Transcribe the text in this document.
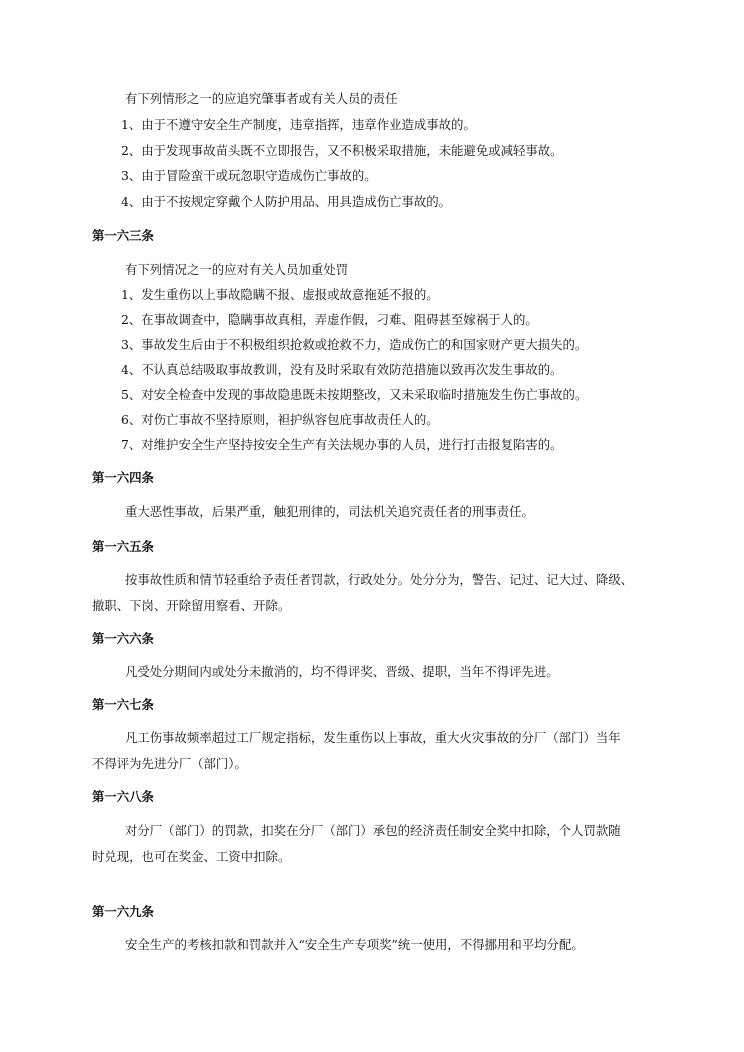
有下列情形之一的应追究肇事者或有关人员的责任
1、由于不遵守安全生产制度，违章指挥，违章作业造成事故的。
2、由于发现事故苗头既不立即报告，又不积极采取措施，未能避免或减轻事故。
3、由于冒险蛮干或玩忽职守造成伤亡事故的。
4、由于不按规定穿戴个人防护用品、用具造成伤亡事故的。
第一六三条
有下列情况之一的应对有关人员加重处罚
1、发生重伤以上事故隐瞒不报、虚报或故意拖延不报的。
2、在事故调查中，隐瞒事故真相，弄虚作假，刁难、阻碍甚至嫁祸于人的。
3、事故发生后由于不积极组织抢救或抢救不力，造成伤亡的和国家财产更大损失的。
4、不认真总结吸取事故教训，没有及时采取有效防范措施以致再次发生事故的。
5、对安全检查中发现的事故隐患既未按期整改，又未采取临时措施发生伤亡事故的。
6、对伤亡事故不坚持原则，袒护纵容包庇事故责任人的。
7、对维护安全生产坚持按安全生产有关法规办事的人员，进行打击报复陷害的。
第一六四条
重大恶性事故，后果严重，触犯刑律的，司法机关追究责任者的刑事责任。
第一六五条
按事故性质和情节轻重给予责任者罚款，行政处分。处分分为，警告、记过、记大过、降级、
撤职、下岗、开除留用察看、开除。
第一六六条
凡受处分期间内或处分未撤消的，均不得评奖、晋级、提职，当年不得评先进。
第一六七条
凡工伤事故频率超过工厂规定指标，发生重伤以上事故，重大火灾事故的分厂（部门）当年
不得评为先进分厂（部门）。
第一六八条
对分厂（部门）的罚款，扣奖在分厂（部门）承包的经济责任制安全奖中扣除，个人罚款随
时兑现，也可在奖金、工资中扣除。
第一六九条
安全生产的考核扣款和罚款并入“安全生产专项奖”统一使用，不得挪用和平均分配。
